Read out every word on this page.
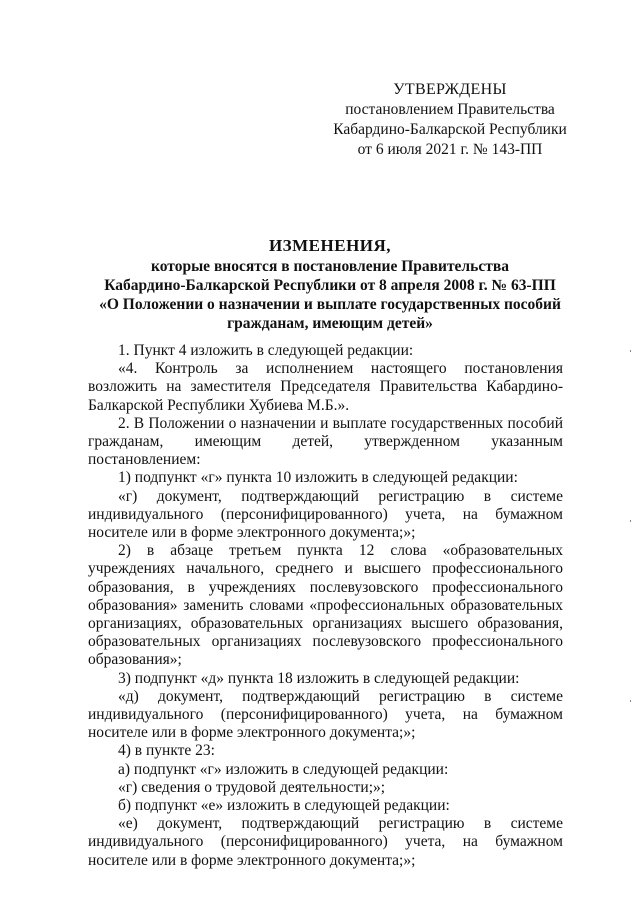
УТВЕРЖДЕНЫ
постановлением Правительства
Кабардино-Балкарской Республики
от 6 июля 2021 г. № 143-ПП
ИЗМЕНЕНИЯ,
которые вносятся в постановление Правительства
Кабардино-Балкарской Республики от 8 апреля 2008 г. № 63-ПП
«О Положении о назначении и выплате государственных пособий
гражданам, имеющим детей»

1. Пункт 4 изложить в следующей редакции:

«4. Контроль за исполнением настоящего постановления возложить на заместителя Председателя Правительства Кабардино-Балкарской Республики Хубиева М.Б.».

2. В Положении о назначении и выплате государственных пособий гражданам, имеющим детей, утвержденном указанным постановлением:

1) подпункт «г» пункта 10 изложить в следующей редакции:

«г) документ, подтверждающий регистрацию в системе индивидуального (персонифицированного) учета, на бумажном носителе или в форме электронного документа;»;

2) в абзаце третьем пункта 12 слова «образовательных учреждениях начального, среднего и высшего профессионального образования, в учреждениях послевузовского профессионального образования» заменить словами «профессиональных образовательных организациях, образовательных организациях высшего образования, образовательных организациях послевузовского профессионального образования»;

3) подпункт «д» пункта 18 изложить в следующей редакции:

«д) документ, подтверждающий регистрацию в системе индивидуального (персонифицированного) учета, на бумажном носителе или в форме электронного документа;»;

4) в пункте 23:

а) подпункт «г» изложить в следующей редакции:

«г) сведения о трудовой деятельности;»;

б) подпункт «е» изложить в следующей редакции:

«е) документ, подтверждающий регистрацию в системе индивидуального (персонифицированного) учета, на бумажном носителе или в форме электронного документа;»;
